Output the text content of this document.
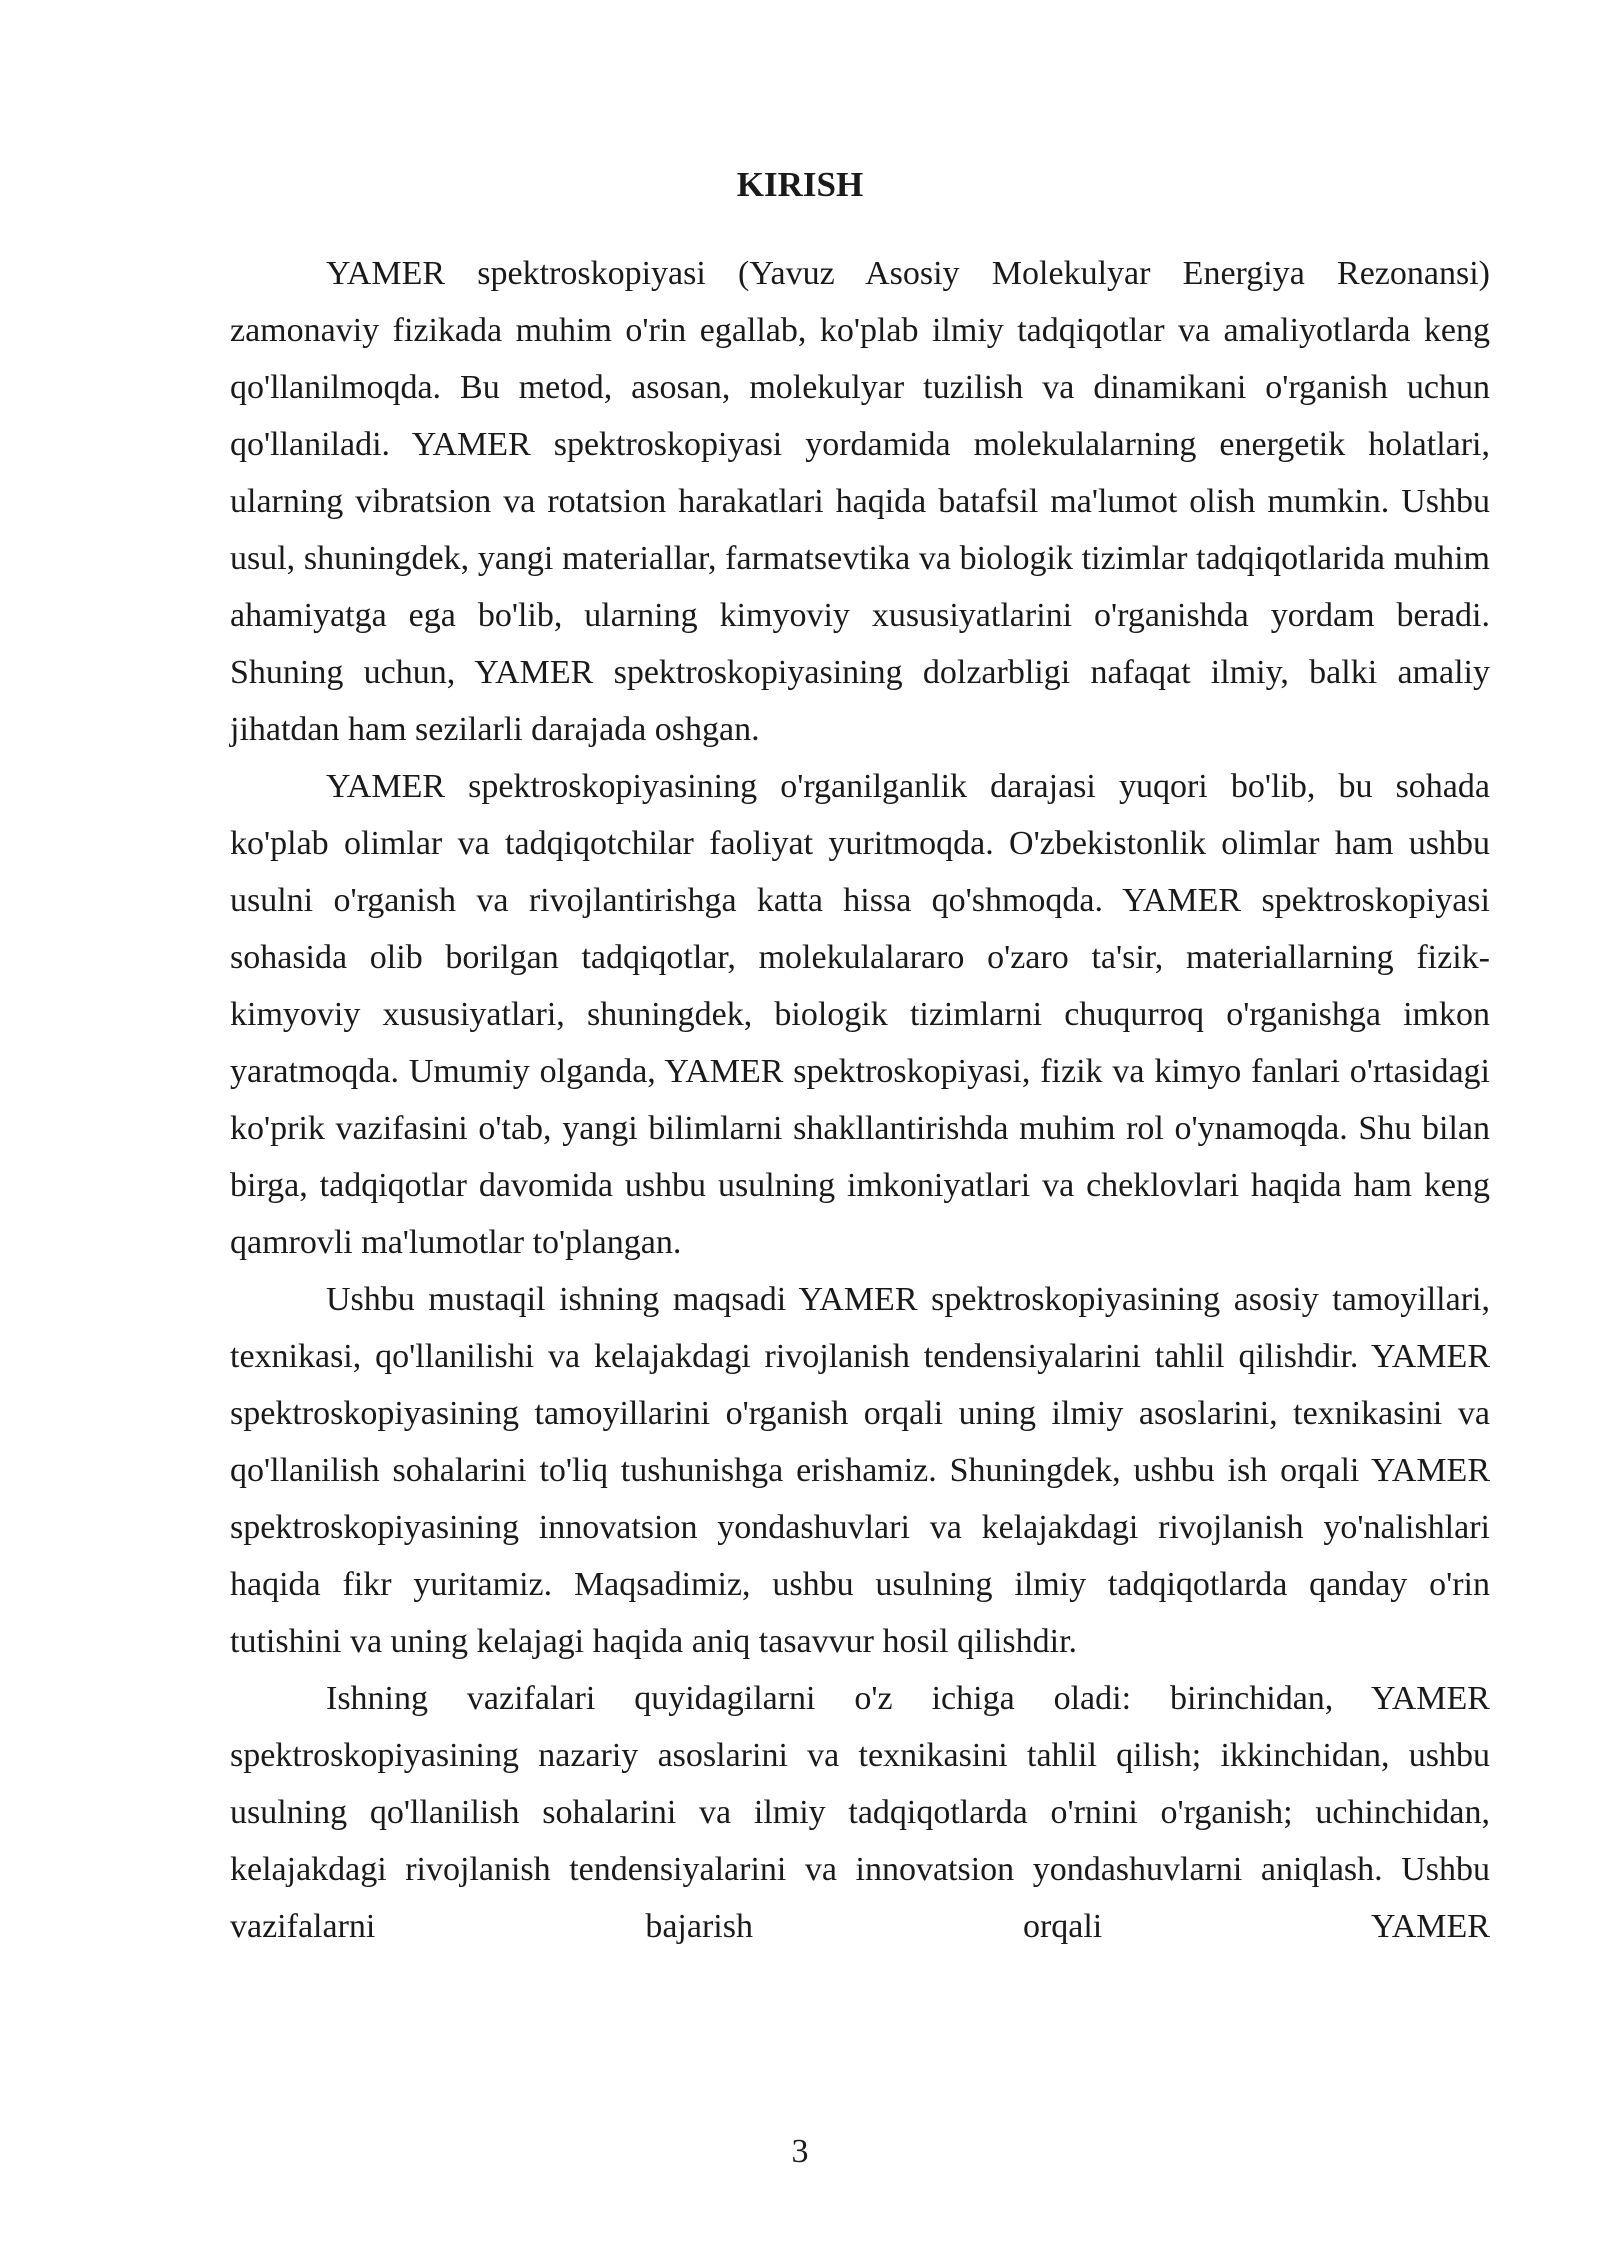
KIRISH

YAMER spektroskopiyasi (Yavuz Asosiy Molekulyar Energiya Rezonansi) zamonaviy fizikada muhim o'rin egallab, ko'plab ilmiy tadqiqotlar va amaliyotlarda keng qo'llanilmoqda. Bu metod, asosan, molekulyar tuzilish va dinamikani o'rganish uchun qo'llaniladi. YAMER spektroskopiyasi yordamida molekulalarning energetik holatlari, ularning vibratsion va rotatsion harakatlari haqida batafsil ma'lumot olish mumkin. Ushbu usul, shuningdek, yangi materiallar, farmatsevtika va biologik tizimlar tadqiqotlarida muhim ahamiyatga ega bo'lib, ularning kimyoviy xususiyatlarini o'rganishda yordam beradi. Shuning uchun, YAMER spektroskopiyasining dolzarbligi nafaqat ilmiy, balki amaliy jihatdan ham sezilarli darajada oshgan.

YAMER spektroskopiyasining o'rganilganlik darajasi yuqori bo'lib, bu sohada ko'plab olimlar va tadqiqotchilar faoliyat yuritmoqda. O'zbekistonlik olimlar ham ushbu usulni o'rganish va rivojlantirishga katta hissa qo'shmoqda. YAMER spektroskopiyasi sohasida olib borilgan tadqiqotlar, molekulalararo o'zaro ta'sir, materiallarning fizik-kimyoviy xususiyatlari, shuningdek, biologik tizimlarni chuqurroq o'rganishga imkon yaratmoqda. Umumiy olganda, YAMER spektroskopiyasi, fizik va kimyo fanlari o'rtasidagi ko'prik vazifasini o'tab, yangi bilimlarni shakllantirishda muhim rol o'ynamoqda. Shu bilan birga, tadqiqotlar davomida ushbu usulning imkoniyatlari va cheklovlari haqida ham keng qamrovli ma'lumotlar to'plangan.

Ushbu mustaqil ishning maqsadi YAMER spektroskopiyasining asosiy tamoyillari, texnikasi, qo'llanilishi va kelajakdagi rivojlanish tendensiyalarini tahlil qilishdir. YAMER spektroskopiyasining tamoyillarini o'rganish orqali uning ilmiy asoslarini, texnikasini va qo'llanilish sohalarini to'liq tushunishga erishamiz. Shuningdek, ushbu ish orqali YAMER spektroskopiyasining innovatsion yondashuvlari va kelajakdagi rivojlanish yo'nalishlari haqida fikr yuritamiz. Maqsadimiz, ushbu usulning ilmiy tadqiqotlarda qanday o'rin tutishini va uning kelajagi haqida aniq tasavvur hosil qilishdir.

Ishning vazifalari quyidagilarni o'z ichiga oladi: birinchidan, YAMER spektroskopiyasining nazariy asoslarini va texnikasini tahlil qilish; ikkinchidan, ushbu usulning qo'llanilish sohalarini va ilmiy tadqiqotlarda o'rnini o'rganish; uchinchidan, kelajakdagi rivojlanish tendensiyalarini va innovatsion yondashuvlarni aniqlash. Ushbu vazifalarni bajarish orqali YAMER

3
